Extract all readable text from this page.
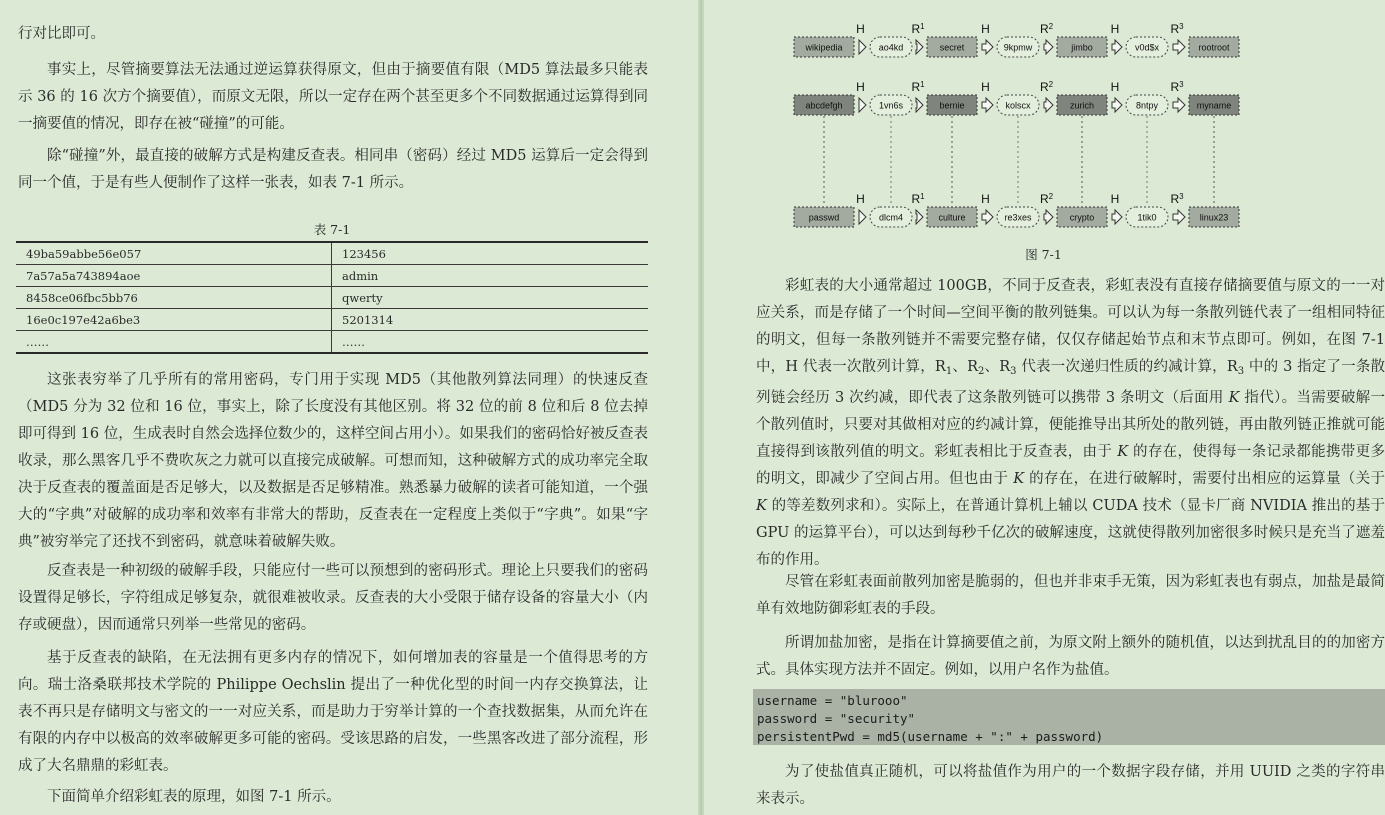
行对比即可。

事实上，尽管摘要算法无法通过逆运算获得原文，但由于摘要值有限（MD5 算法最多只能表示 36 的 16 次方个摘要值），而原文无限，所以一定存在两个甚至更多个不同数据通过运算得到同一摘要值的情况，即存在被“碰撞”的可能。

除“碰撞”外，最直接的破解方式是构建反查表。相同串（密码）经过 MD5 运算后一定会得到同一个值，于是有些人便制作了这样一张表，如表 7-1 所示。

表 7-1
49ba59abbe56e057	123456
7a57a5a743894aoe	admin
8458ce06fbc5bb76	qwerty
16e0c197e42a6be3	5201314
……	……

这张表穷举了几乎所有的常用密码，专门用于实现 MD5（其他散列算法同理）的快速反查（MD5 分为 32 位和 16 位，事实上，除了长度没有其他区别。将 32 位的前 8 位和后 8 位去掉即可得到 16 位，生成表时自然会选择位数少的，这样空间占用小）。如果我们的密码恰好被反查表收录，那么黑客几乎不费吹灰之力就可以直接完成破解。可想而知，这种破解方式的成功率完全取决于反查表的覆盖面是否足够大，以及数据是否足够精准。熟悉暴力破解的读者可能知道，一个强大的“字典”对破解的成功率和效率有非常大的帮助，反查表在一定程度上类似于“字典”。如果“字典”被穷举完了还找不到密码，就意味着破解失败。

反查表是一种初级的破解手段，只能应付一些可以预想到的密码形式。理论上只要我们的密码设置得足够长，字符组成足够复杂，就很难被收录。反查表的大小受限于储存设备的容量大小（内存或硬盘），因而通常只列举一些常见的密码。

基于反查表的缺陷，在无法拥有更多内存的情况下，如何增加表的容量是一个值得思考的方向。瑞士洛桑联邦技术学院的 Philippe Oechslin 提出了一种优化型的时间一内存交换算法，让表不再只是存储明文与密文的一一对应关系，而是助力于穷举计算的一个查找数据集，从而允许在有限的内存中以极高的效率破解更多可能的密码。受该思路的启发，一些黑客改进了部分流程，形成了大名鼎鼎的彩虹表。

下面简单介绍彩虹表的原理，如图 7-1 所示。

wikipedia
H
ao4kd
$R^1$
secret
H
9kpmw
$R^2$
jimbo
H
v0d$x
$R^3$
rootroot
abcdefgh
H
1vn6s
$R^1$
bernie
H
kolscx
$R^2$
zurich
H
8ntpy
$R^3$
myname
passwd
H
dlcm4
$R^1$
culture
H
re3xes
$R^2$
crypto
H
1tik0
$R^3$
linux23
图 7-1

彩虹表的大小通常超过 100GB，不同于反查表，彩虹表没有直接存储摘要值与原文的一一对应关系，而是存储了一个时间—空间平衡的散列链集。可以认为每一条散列链代表了一组相同特征的明文，但每一条散列链并不需要完整存储，仅仅存储起始节点和末节点即可。例如，在图 7-1 中，H 代表一次散列计算，$R_1$、$R_2$、$R_3$ 代表一次递归性质的约减计算，$R_3$ 中的 3 指定了一条散列链会经历 3 次约减，即代表了这条散列链可以携带 3 条明文（后面用 K 指代）。当需要破解一个散列值时，只要对其做相对应的约减计算，便能推导出其所处的散列链，再由散列链正推就可能直接得到该散列值的明文。彩虹表相比于反查表，由于 K 的存在，使得每一条记录都能携带更多的明文，即减少了空间占用。但也由于 K 的存在，在进行破解时，需要付出相应的运算量（关于 K 的等差数列求和）。实际上，在普通计算机上辅以 CUDA 技术（显卡厂商 NVIDIA 推出的基于 GPU 的运算平台），可以达到每秒千亿次的破解速度，这就使得散列加密很多时候只是充当了遮羞布的作用。

尽管在彩虹表面前散列加密是脆弱的，但也并非束手无策，因为彩虹表也有弱点，加盐是最简单有效地防御彩虹表的手段。

所谓加盐加密，是指在计算摘要值之前，为原文附上额外的随机值，以达到扰乱目的的加密方式。具体实现方法并不固定。例如，以用户名作为盐值。

为了使盐值真正随机，可以将盐值作为用户的一个数据字段存储，并用 UUID 之类的字符串来表示。

username = "blurooo"
password = "security"
persistentPwd = md5(username + ":" + password)
